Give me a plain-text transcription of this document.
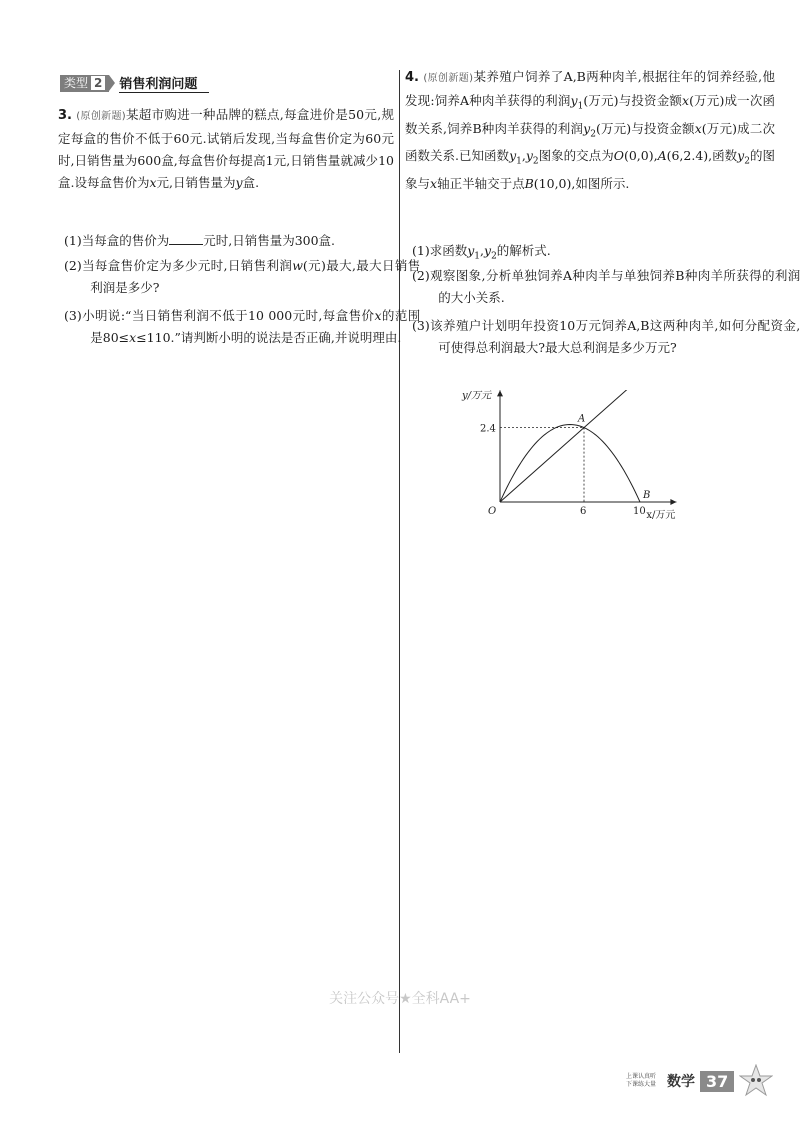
类型 2 销售利润问题
3. (原创新题)某超市购进一种品牌的糕点,每盒进价是50元,规定每盒的售价不低于60元.试销后发现,当每盒售价定为60元时,日销售量为600盒,每盒售价每提高1元,日销售量就减少10盒.设每盒售价为x元,日销售量为y盒.
(1)当每盒的售价为	元时,日销售量为300盒.
(2)当每盒售价定为多少元时,日销售利润w(元)最大,最大日销售利润是多少?
(3)小明说:“当日销售利润不低于10 000元时,每盒售价x的范围是80≤x≤110.”请判断小明的说法是否正确,并说明理由.
4. (原创新题)某养殖户饲养了A,B两种肉羊,根据往年的饲养经验,他发现:饲养A种肉羊获得的利润$y_1$(万元)与投资金额x(万元)成一次函数关系,饲养B种肉羊获得的利润$y_2$(万元)与投资金额x(万元)成二次函数关系.已知函数$y_1,y_2$图象的交点为O(0,0),A(6,2.4),函数$y_2$的图象与x轴正半轴交于点B(10,0),如图所示.
(1)求函数$y_1,y_2$的解析式.
(2)观察图象,分析单独饲养A种肉羊与单独饲养B种肉羊所获得的利润的大小关系.
(3)该养殖户计划明年投资10万元饲养A,B这两种肉羊,如何分配资金,可使得总利润最大?最大总利润是多少万元?
y/万元
x/万元
O
A
B
2.4
6	10
关注公众号★全科AA+
上课认真听
下课练大量 数学 37
